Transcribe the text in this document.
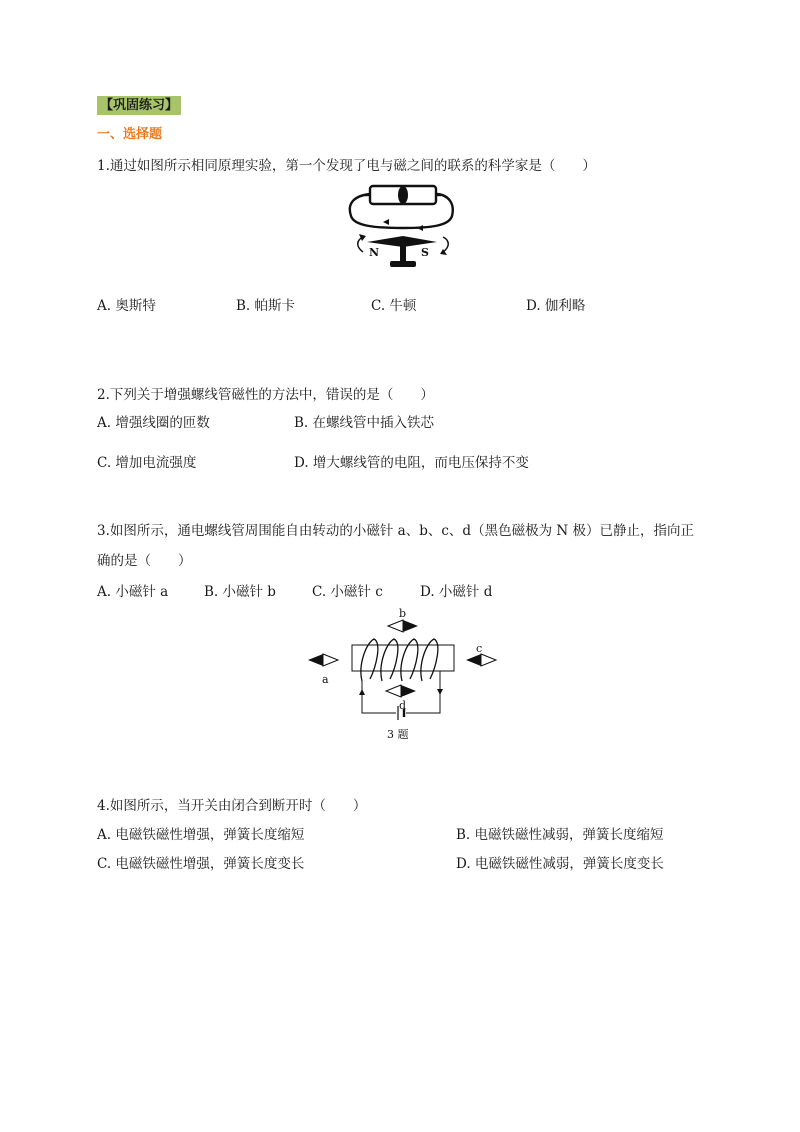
【巩固练习】
一、选择题
1.通过如图所示相同原理实验，第一个发现了电与磁之间的联系的科学家是（　　）
N	S
A. 奥斯特	B. 帕斯卡	C. 牛顿	D. 伽利略
2.下列关于增强螺线管磁性的方法中，错误的是（　　）
A. 增强线圈的匝数	B. 在螺线管中插入铁芯
C. 增加电流强度	D. 增大螺线管的电阻，而电压保持不变
3.如图所示，通电螺线管周围能自由转动的小磁针 a、b、c、d（黑色磁极为 N 极）已静止，指向正
确的是（　　）
A. 小磁针 a	B. 小磁针 b	C. 小磁针 c	D. 小磁针 d
a
b
c
d
3 题
4.如图所示，当开关由闭合到断开时（　　）
A. 电磁铁磁性增强，弹簧长度缩短	B. 电磁铁磁性减弱，弹簧长度缩短
C. 电磁铁磁性增强，弹簧长度变长	D. 电磁铁磁性减弱，弹簧长度变长
